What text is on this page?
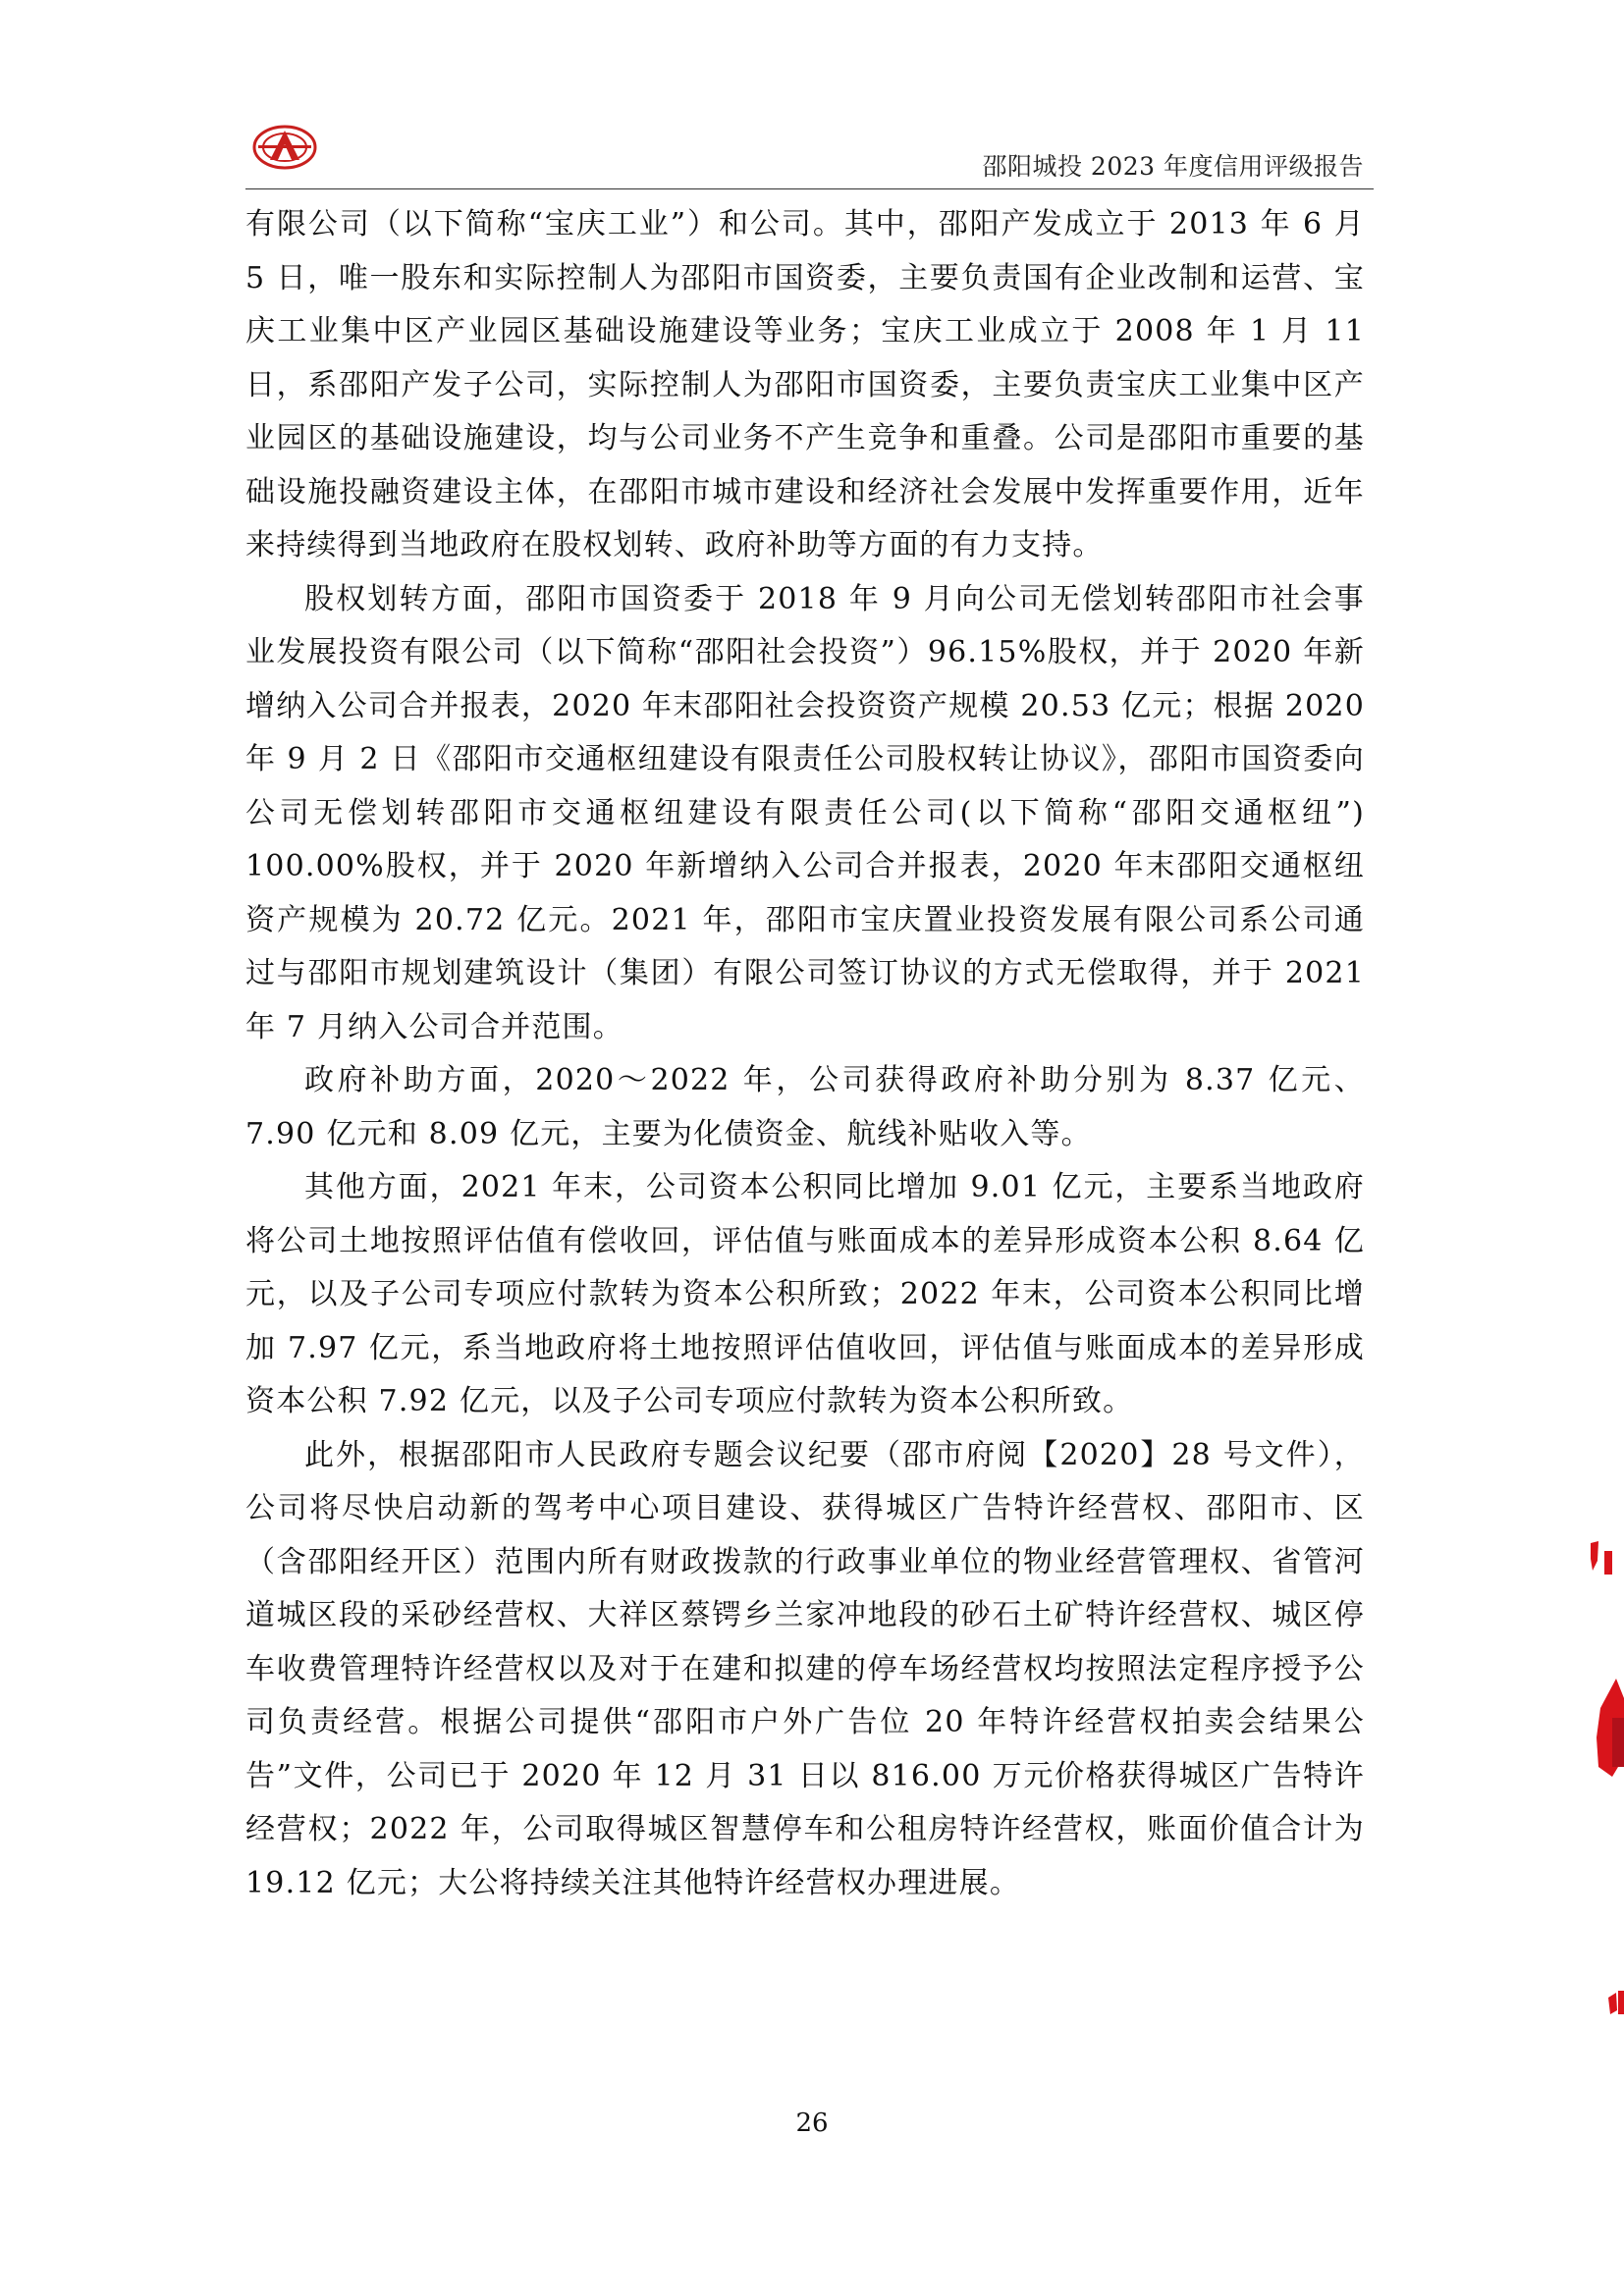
邵阳城投 2023 年度信用评级报告

有限公司（以下简称“宝庆工业”）和公司。其中，邵阳产发成立于 2013 年 6 月 5 日，唯一股东和实际控制人为邵阳市国资委，主要负责国有企业改制和运营、宝庆工业集中区产业园区基础设施建设等业务；宝庆工业成立于 2008 年 1 月 11 日，系邵阳产发子公司，实际控制人为邵阳市国资委，主要负责宝庆工业集中区产业园区的基础设施建设，均与公司业务不产生竞争和重叠。公司是邵阳市重要的基础设施投融资建设主体，在邵阳市城市建设和经济社会发展中发挥重要作用，近年来持续得到当地政府在股权划转、政府补助等方面的有力支持。

股权划转方面，邵阳市国资委于 2018 年 9 月向公司无偿划转邵阳市社会事业发展投资有限公司（以下简称“邵阳社会投资”）96.15%股权，并于 2020 年新增纳入公司合并报表，2020 年末邵阳社会投资资产规模 20.53 亿元；根据 2020 年 9 月 2 日《邵阳市交通枢纽建设有限责任公司股权转让协议》，邵阳市国资委向公司无偿划转邵阳市交通枢纽建设有限责任公司(以下简称“邵阳交通枢纽”) 100.00%股权，并于 2020 年新增纳入公司合并报表，2020 年末邵阳交通枢纽资产规模为 20.72 亿元。2021 年，邵阳市宝庆置业投资发展有限公司系公司通过与邵阳市规划建筑设计（集团）有限公司签订协议的方式无偿取得，并于 2021 年 7 月纳入公司合并范围。

政府补助方面，2020～2022 年，公司获得政府补助分别为 8.37 亿元、7.90 亿元和 8.09 亿元，主要为化债资金、航线补贴收入等。

其他方面，2021 年末，公司资本公积同比增加 9.01 亿元，主要系当地政府将公司土地按照评估值有偿收回，评估值与账面成本的差异形成资本公积 8.64 亿元，以及子公司专项应付款转为资本公积所致；2022 年末，公司资本公积同比增加 7.97 亿元，系当地政府将土地按照评估值收回，评估值与账面成本的差异形成资本公积 7.92 亿元，以及子公司专项应付款转为资本公积所致。

此外，根据邵阳市人民政府专题会议纪要（邵市府阅【2020】28 号文件），公司将尽快启动新的驾考中心项目建设、获得城区广告特许经营权、邵阳市、区（含邵阳经开区）范围内所有财政拨款的行政事业单位的物业经营管理权、省管河道城区段的采砂经营权、大祥区蔡锷乡兰家冲地段的砂石土矿特许经营权、城区停车收费管理特许经营权以及对于在建和拟建的停车场经营权均按照法定程序授予公司负责经营。根据公司提供“邵阳市户外广告位 20 年特许经营权拍卖会结果公告”文件，公司已于 2020 年 12 月 31 日以 816.00 万元价格获得城区广告特许经营权；2022 年，公司取得城区智慧停车和公租房特许经营权，账面价值合计为 19.12 亿元；大公将持续关注其他特许经营权办理进展。

26
